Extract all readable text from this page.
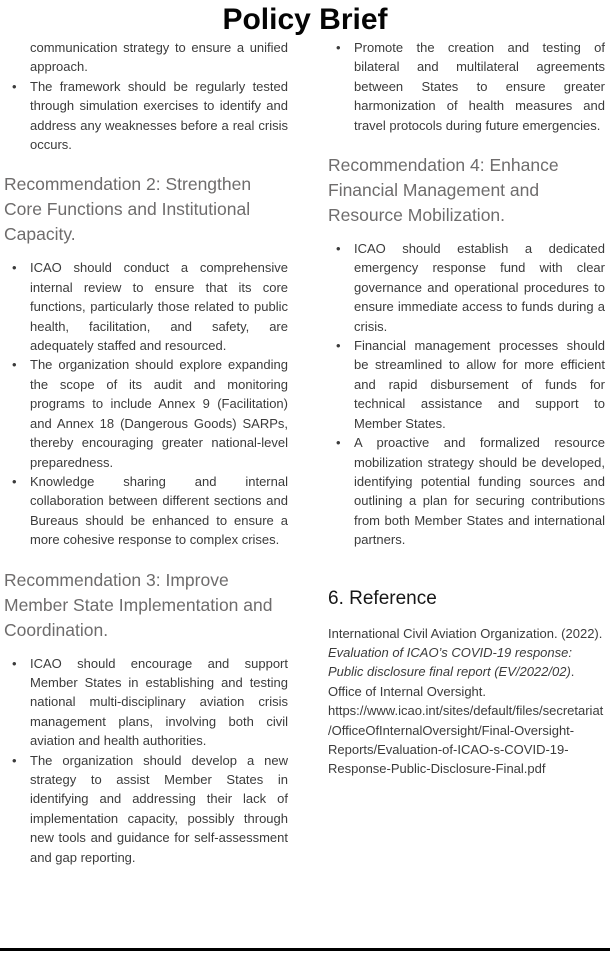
Policy Brief

communication strategy to ensure a unified approach.

• The framework should be regularly tested through simulation exercises to identify and address any weaknesses before a real crisis occurs.
Recommendation 2: Strengthen Core Functions and Institutional Capacity.
• ICAO should conduct a comprehensive internal review to ensure that its core functions, particularly those related to public health, facilitation, and safety, are adequately staffed and resourced.
• The organization should explore expanding the scope of its audit and monitoring programs to include Annex 9 (Facilitation) and Annex 18 (Dangerous Goods) SARPs, thereby encouraging greater national-level preparedness.
• Knowledge sharing and internal collaboration between different sections and Bureaus should be enhanced to ensure a more cohesive response to complex crises.
Recommendation 3: Improve Member State Implementation and Coordination.
• ICAO should encourage and support Member States in establishing and testing national multi-disciplinary aviation crisis management plans, involving both civil aviation and health authorities.
• The organization should develop a new strategy to assist Member States in identifying and addressing their lack of implementation capacity, possibly through new tools and guidance for self-assessment and gap reporting.
• Promote the creation and testing of bilateral and multilateral agreements between States to ensure greater harmonization of health measures and travel protocols during future emergencies.
Recommendation 4: Enhance Financial Management and Resource Mobilization.
• ICAO should establish a dedicated emergency response fund with clear governance and operational procedures to ensure immediate access to funds during a crisis.
• Financial management processes should be streamlined to allow for more efficient and rapid disbursement of funds for technical assistance and support to Member States.
• A proactive and formalized resource mobilization strategy should be developed, identifying potential funding sources and outlining a plan for securing contributions from both Member States and international partners.
6. Reference

International Civil Aviation Organization. (2022). Evaluation of ICAO’s COVID-19 response: Public disclosure final report (EV/2022/02). Office of Internal Oversight. https://www.icao.int/sites/default/files/secretariat/OfficeOfInternalOversight/Final-Oversight-Reports/Evaluation-of-ICAO-s-COVID-19-Response-Public-Disclosure-Final.pdf
